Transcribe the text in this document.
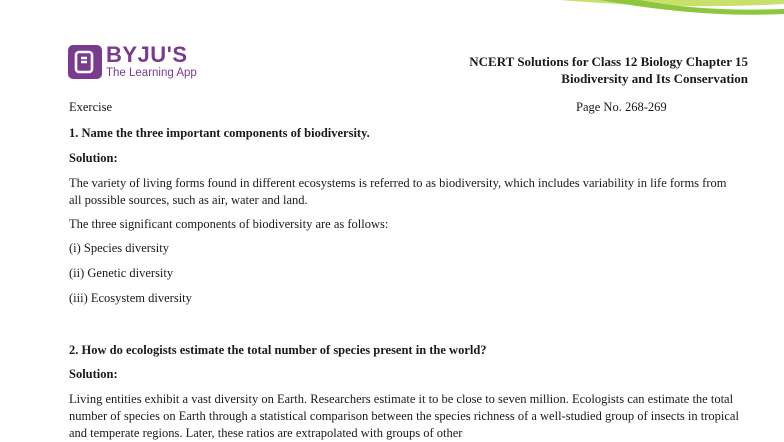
BYJU'S
The Learning App
NCERT Solutions for Class 12 Biology Chapter 15
Biodiversity and Its Conservation
Exercise	Page No. 268-269
1. Name the three important components of biodiversity.
Solution:
The variety of living forms found in different ecosystems is referred to as biodiversity, which includes variability in life forms from all possible sources, such as air, water and land.
The three significant components of biodiversity are as follows:
(i) Species diversity
(ii) Genetic diversity
(iii) Ecosystem diversity
2. How do ecologists estimate the total number of species present in the world?
Solution:
Living entities exhibit a vast diversity on Earth. Researchers estimate it to be close to seven million. Ecologists can estimate the total number of species on Earth through a statistical comparison between the species richness of a well-studied group of insects in tropical and temperate regions. Later, these ratios are extrapolated with groups of other
